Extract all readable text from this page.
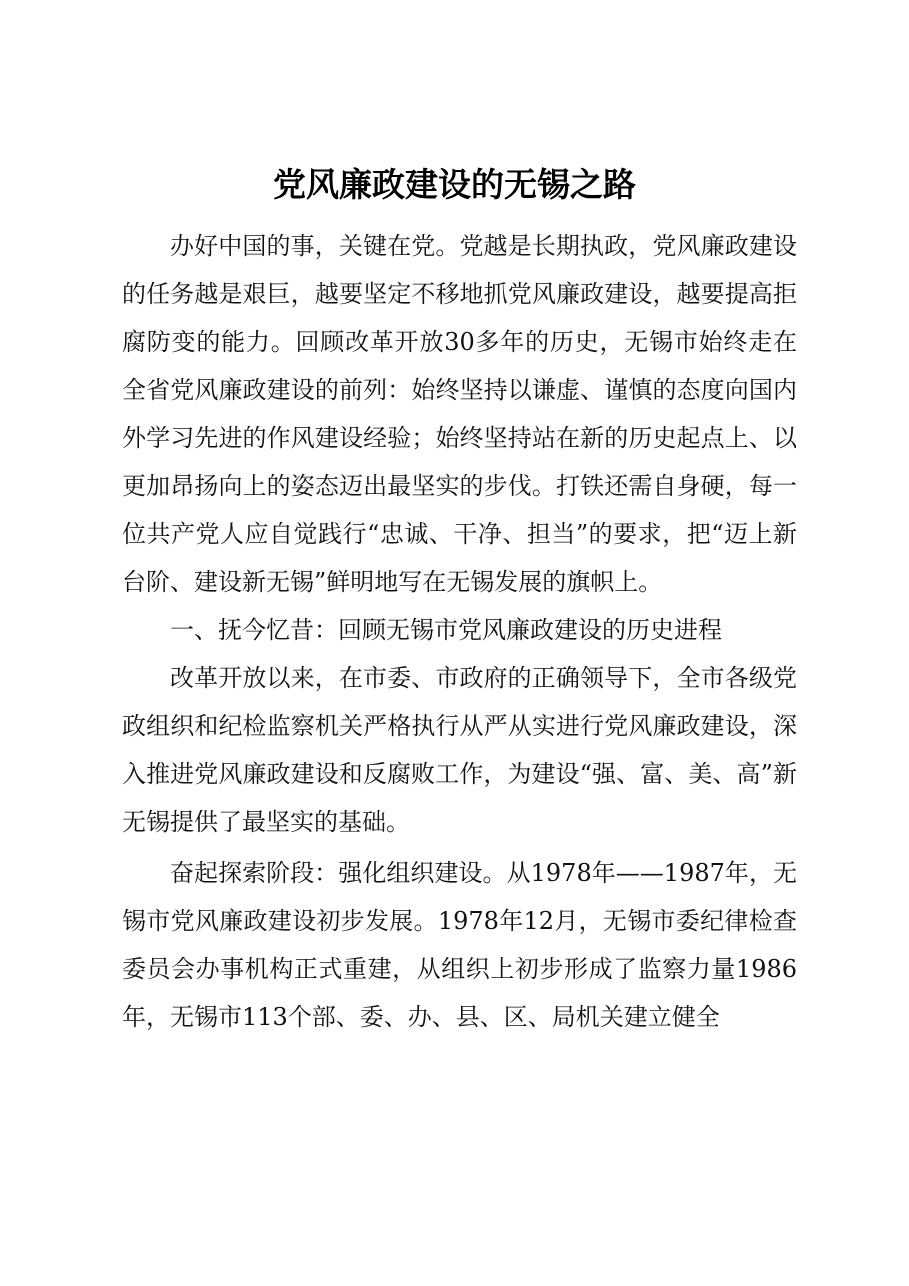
党风廉政建设的无锡之路

办好中国的事，关键在党。党越是长期执政，党风廉政建设的任务越是艰巨，越要坚定不移地抓党风廉政建设，越要提高拒腐防变的能力。回顾改革开放30多年的历史，无锡市始终走在全省党风廉政建设的前列：始终坚持以谦虚、谨慎的态度向国内外学习先进的作风建设经验；始终坚持站在新的历史起点上、以更加昂扬向上的姿态迈出最坚实的步伐。打铁还需自身硬，每一位共产党人应自觉践行“忠诚、干净、担当”的要求，把“迈上新台阶、建设新无锡”鲜明地写在无锡发展的旗帜上。

一、抚今忆昔：回顾无锡市党风廉政建设的历史进程

改革开放以来，在市委、市政府的正确领导下，全市各级党政组织和纪检监察机关严格执行从严从实进行党风廉政建设，深入推进党风廉政建设和反腐败工作，为建设“强、富、美、高”新无锡提供了最坚实的基础。

奋起探索阶段：强化组织建设。从1978年——1987年，无锡市党风廉政建设初步发展。1978年12月，无锡市委纪律检查委员会办事机构正式重建，从组织上初步形成了监察力量1986年，无锡市113个部、委、办、县、区、局机关建立健全
